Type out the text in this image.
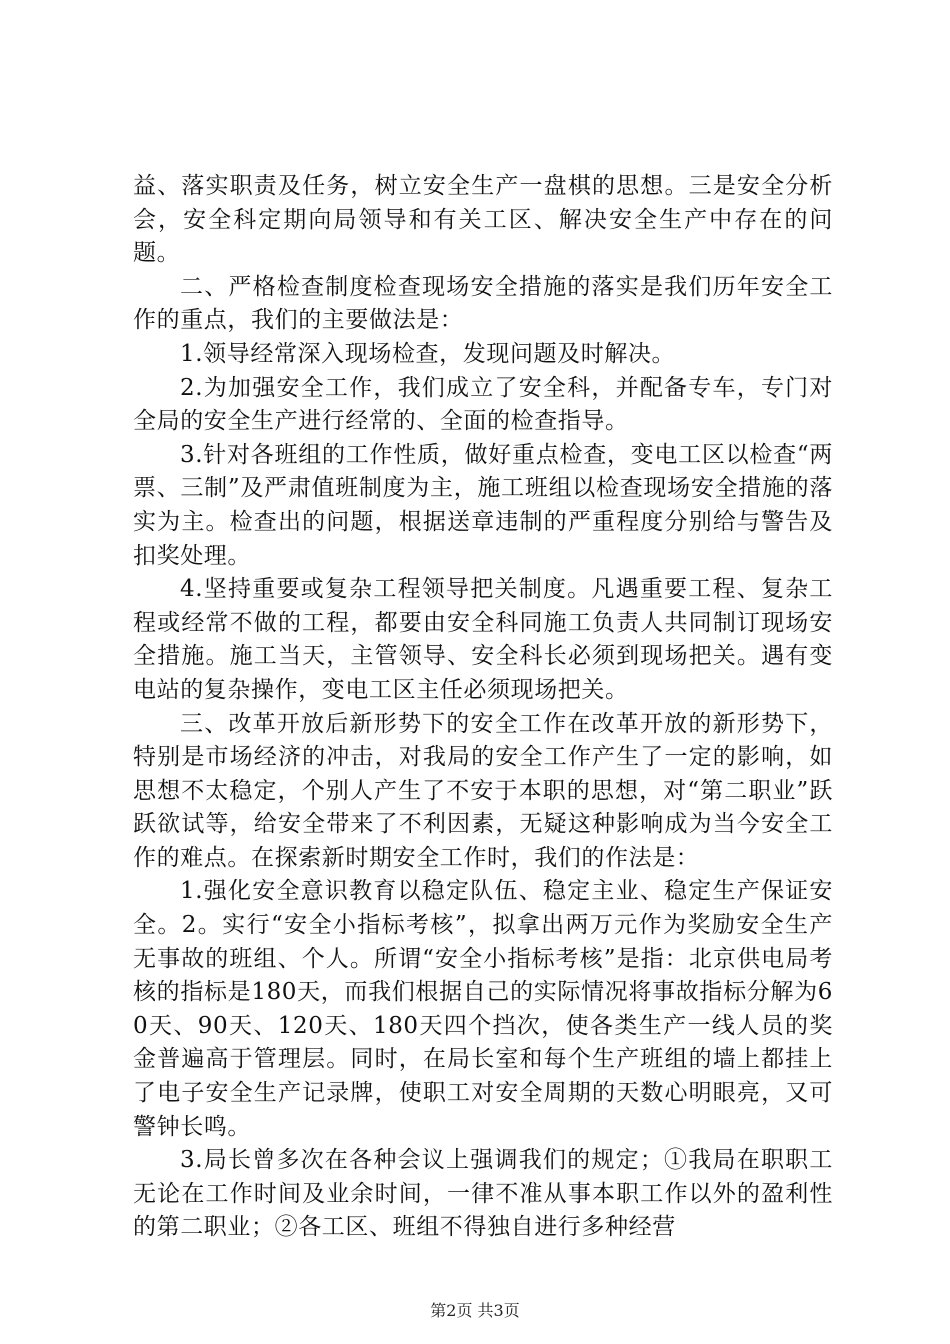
益、落实职责及任务，树立安全生产一盘棋的思想。三是安全分析会，安全科定期向局领导和有关工区、解决安全生产中存在的问题。

二、严格检查制度检查现场安全措施的落实是我们历年安全工作的重点，我们的主要做法是：

1.领导经常深入现场检查，发现问题及时解决。

2.为加强安全工作，我们成立了安全科，并配备专车，专门对全局的安全生产进行经常的、全面的检查指导。

3.针对各班组的工作性质，做好重点检查，变电工区以检查“两票、三制”及严肃值班制度为主，施工班组以检查现场安全措施的落实为主。检查出的问题，根据送章违制的严重程度分别给与警告及扣奖处理。

4.坚持重要或复杂工程领导把关制度。凡遇重要工程、复杂工程或经常不做的工程，都要由安全科同施工负责人共同制订现场安全措施。施工当天，主管领导、安全科长必须到现场把关。遇有变电站的复杂操作，变电工区主任必须现场把关。

三、改革开放后新形势下的安全工作在改革开放的新形势下，特别是市场经济的冲击，对我局的安全工作产生了一定的影响，如思想不太稳定，个别人产生了不安于本职的思想，对“第二职业”跃跃欲试等，给安全带来了不利因素，无疑这种影响成为当今安全工作的难点。在探索新时期安全工作时，我们的作法是：

1.强化安全意识教育以稳定队伍、稳定主业、稳定生产保证安全。2。实行“安全小指标考核”，拟拿出两万元作为奖励安全生产无事故的班组、个人。所谓“安全小指标考核”是指：北京供电局考核的指标是180天，而我们根据自己的实际情况将事故指标分解为60天、90天、120天、180天四个挡次，使各类生产一线人员的奖金普遍高于管理层。同时，在局长室和每个生产班组的墙上都挂上了电子安全生产记录牌，使职工对安全周期的天数心明眼亮，又可警钟长鸣。

3.局长曾多次在各种会议上强调我们的规定；①我局在职职工无论在工作时间及业余时间，一律不准从事本职工作以外的盈利性的第二职业；②各工区、班组不得独自进行多种经营

第2页 共3页
